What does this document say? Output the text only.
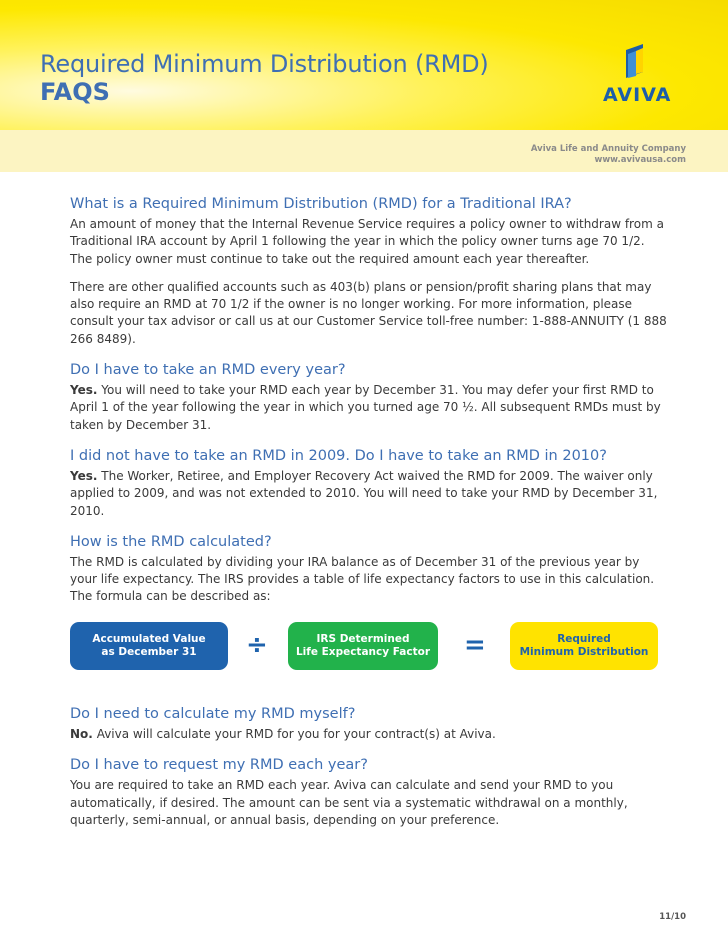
Required Minimum Distribution (RMD)
FAQS	AVIVA
Aviva Life and Annuity Company
www.avivausa.com
What is a Required Minimum Distribution (RMD) for a Traditional IRA?
An amount of money that the Internal Revenue Service requires a policy owner to withdraw from a Traditional IRA account by April 1 following the year in which the policy owner turns age 70 1/2. The policy owner must continue to take out the required amount each year thereafter.
There are other qualified accounts such as 403(b) plans or pension/profit sharing plans that may also require an RMD at 70 1/2 if the owner is no longer working. For more information, please consult your tax advisor or call us at our Customer Service toll-free number: 1-888-ANNUITY (1 888 266 8489).
Do I have to take an RMD every year?
Yes. You will need to take your RMD each year by December 31. You may defer your first RMD to April 1 of the year following the year in which you turned age 70 ½. All subsequent RMDs must by taken by December 31.
I did not have to take an RMD in 2009. Do I have to take an RMD in 2010?
Yes. The Worker, Retiree, and Employer Recovery Act waived the RMD for 2009. The waiver only applied to 2009, and was not extended to 2010. You will need to take your RMD by December 31, 2010.
How is the RMD calculated?
The RMD is calculated by dividing your IRA balance as of December 31 of the previous year by your life expectancy. The IRS provides a table of life expectancy factors to use in this calculation. The formula can be described as:
Accumulated Value
as December 31 ÷	IRS Determined
Life Expectancy Factor =	Required
Minimum Distribution
Do I need to calculate my RMD myself?
No. Aviva will calculate your RMD for you for your contract(s) at Aviva.
Do I have to request my RMD each year?
You are required to take an RMD each year. Aviva can calculate and send your RMD to you automatically, if desired. The amount can be sent via a systematic withdrawal on a monthly, quarterly, semi-annual, or annual basis, depending on your preference.
11/10
